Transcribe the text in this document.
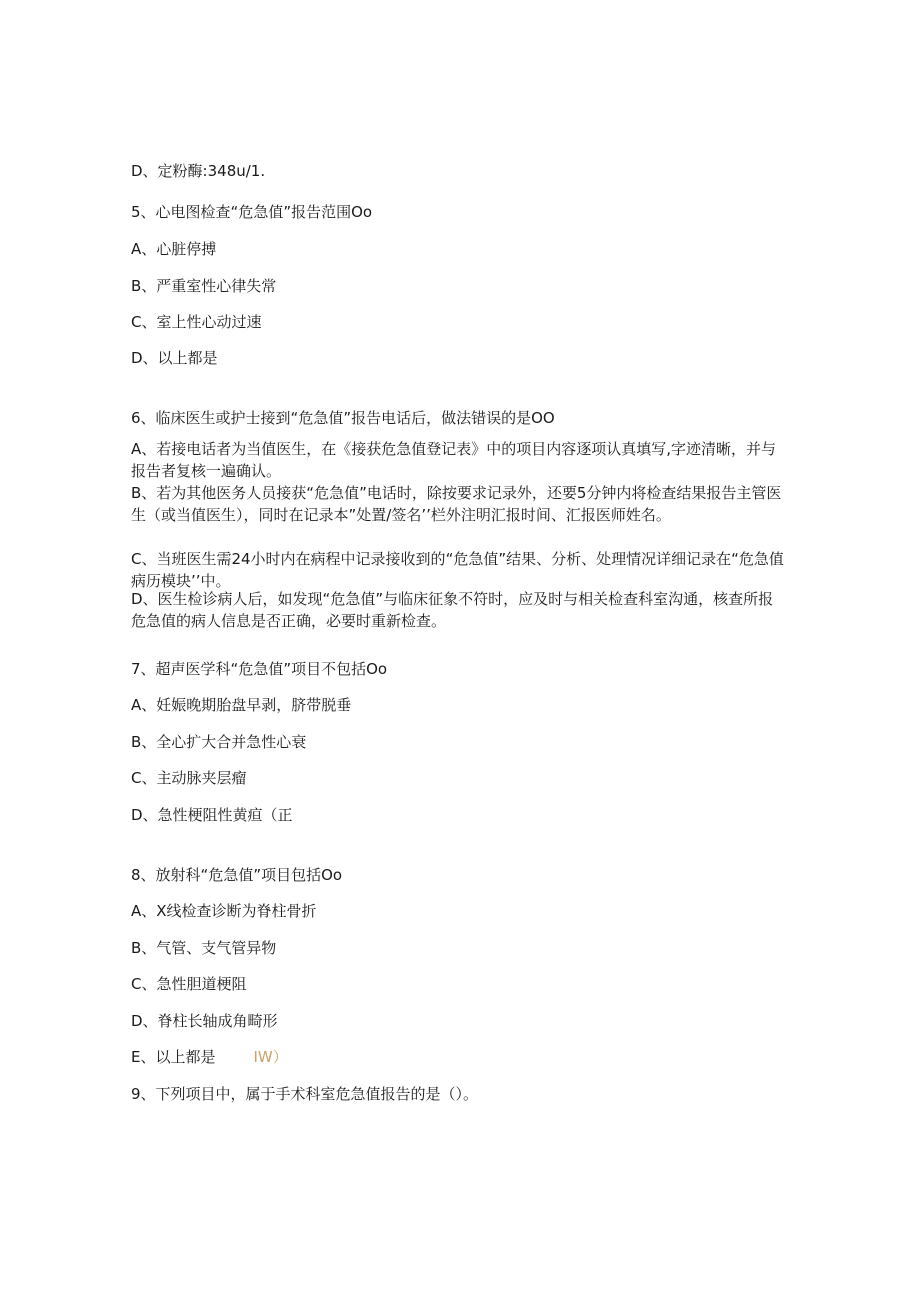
D、定粉酶:348u/1.
5、心电图检查“危急值”报告范围Oo
A、心脏停搏
B、严重室性心律失常
C、室上性心动过速
D、以上都是
6、临床医生或护士接到“危急值”报告电话后，做法错误的是OO
A、若接电话者为当值医生，在《接获危急值登记表》中的项目内容逐项认真填写,字迹清晰，并与报告者复核一遍确认。
B、若为其他医务人员接获“危急值”电话时，除按要求记录外，还要5分钟内将检查结果报告主管医生（或当值医生），同时在记录本”处置/签名’’栏外注明汇报时间、汇报医师姓名。
C、当班医生需24小时内在病程中记录接收到的“危急值”结果、分析、处理情况详细记录在“危急值病历模块’’中。
D、医生检诊病人后，如发现“危急值”与临床征象不符时，应及时与相关检查科室沟通，核查所报危急值的病人信息是否正确，必要时重新检查。
7、超声医学科“危急值”项目不包括Oo
A、妊娠晚期胎盘早剥，脐带脱垂
B、全心扩大合并急性心衰
C、主动脉夹层瘤
D、急性梗阻性黄疸（正
8、放射科“危急值”项目包括Oo
A、X线检查诊断为脊柱骨折
B、气管、支气管异物
C、急性胆道梗阻
D、脊柱长轴成角畸形
E、以上都是	IW）
9、下列项目中，属于手术科室危急值报告的是（）。
